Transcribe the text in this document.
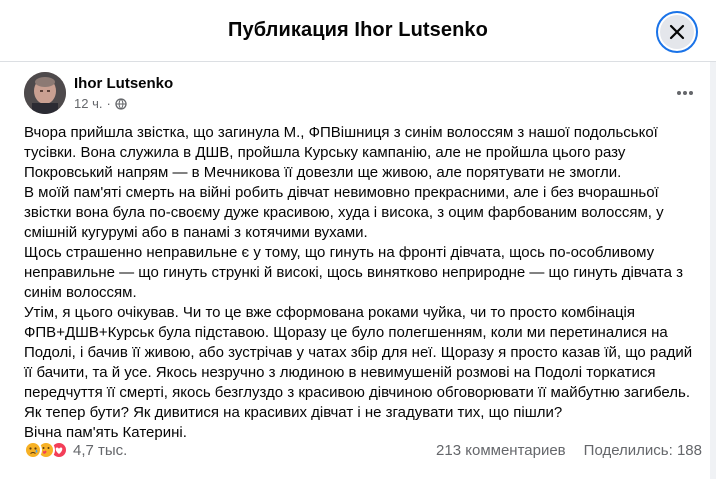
Публикация Ihor Lutsenko
Ihor Lutsenko
12 ч. ·

Вчора прийшла звістка, що загинула М., ФПВішниця з синім волоссям з нашої подольської тусівки. Вона служила в ДШВ, пройшла Курську кампанію, але не пройшла цього разу Покровський напрям — в Мечникова її довезли ще живою, але порятувати не змогли.

В моїй пам'яті смерть на війні робить дівчат невимовно прекрасними, але і без вчорашньої звістки вона була по-своєму дуже красивою, худа і висока, з оцим фарбованим волоссям, у смішній кугурумі або в панамі з котячими вухами.

Щось страшенно неправильне є у тому, що гинуть на фронті дівчата, щось по-особливому неправильне — що гинуть стрункі й високі, щось винятково неприродне — що гинуть дівчата з синім волоссям.

Утім, я цього очікував. Чи то це вже сформована роками чуйка, чи то просто комбінація ФПВ+ДШВ+Курськ була підставою. Щоразу це було полегшенням, коли ми перетиналися на Подолі, і бачив її живою, або зустрічав у чатах збір для неї. Щоразу я просто казав їй, що радий її бачити, та й усе. Якось незручно з людиною в невимушеній розмові на Подолі торкатися передчуття її смерті, якось безглуздо з красивою дівчиною обговорювати її майбутню загибель.

Як тепер бути? Як дивитися на красивих дівчат і не згадувати тих, що пішли?

Вічна пам'ять Катерині.

4,7 тыс.	213 комментариев Поделились: 188
